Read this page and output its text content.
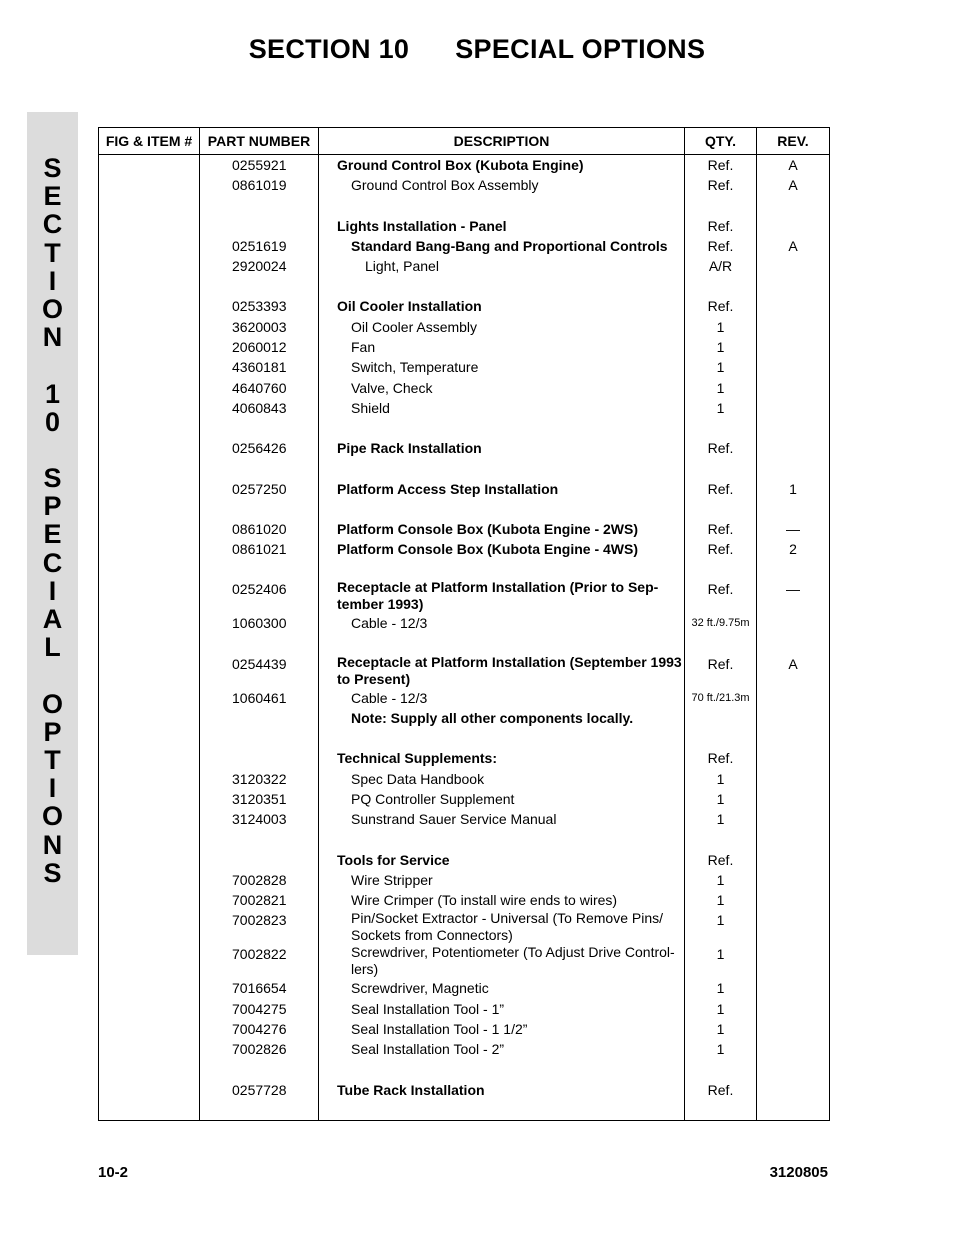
SECTION 10 SPECIAL OPTIONS
S
E
C
T
I
O
N

1
0

S
P
E
C
I
A
L

O
P
T
I
O
N
S
FIG & ITEM #	PART NUMBER	DESCRIPTION	QTY.	REV.
	0255921	Ground Control Box (Kubota Engine)	Ref.	A
	0861019	Ground Control Box Assembly	Ref.	A

		Lights Installation - Panel	Ref.	
	0251619	Standard Bang-Bang and Proportional Controls	Ref.	A
	2920024	Light, Panel	A/R	

	0253393	Oil Cooler Installation	Ref.	
	3620003	Oil Cooler Assembly	1	
	2060012	Fan	1	
	4360181	Switch, Temperature	1	
	4640760	Valve, Check	1	
	4060843	Shield	1	

	0256426	Pipe Rack Installation	Ref.	

	0257250	Platform Access Step Installation	Ref.	1

	0861020	Platform Console Box (Kubota Engine - 2WS)	Ref.	—
	0861021	Platform Console Box (Kubota Engine - 4WS)	Ref.	2

	0252406	Receptacle at Platform Installation (Prior to Sep-tember 1993)	Ref.	—
	1060300	Cable - 12/3	32 ft./9.75m	

	0254439	Receptacle at Platform Installation (September 1993 to Present)	Ref.	A
	1060461	Cable - 12/3	70 ft./21.3m	
		Note: Supply all other components locally.		

		Technical Supplements:	Ref.	
	3120322	Spec Data Handbook	1	
	3120351	PQ Controller Supplement	1	
	3124003	Sunstrand Sauer Service Manual	1	

		Tools for Service	Ref.	
	7002828	Wire Stripper	1	
	7002821	Wire Crimper (To install wire ends to wires)	1	
	7002823	Pin/Socket Extractor - Universal (To Remove Pins/ Sockets from Connectors)	1	
	7002822	Screwdriver, Potentiometer (To Adjust Drive Control-lers)	1	
	7016654	Screwdriver, Magnetic	1	
	7004275	Seal Installation Tool - 1”	1	
	7004276	Seal Installation Tool - 1 1/2”	1	
	7002826	Seal Installation Tool - 2”	1	

	0257728	Tube Rack Installation	Ref.	

10-2	3120805
